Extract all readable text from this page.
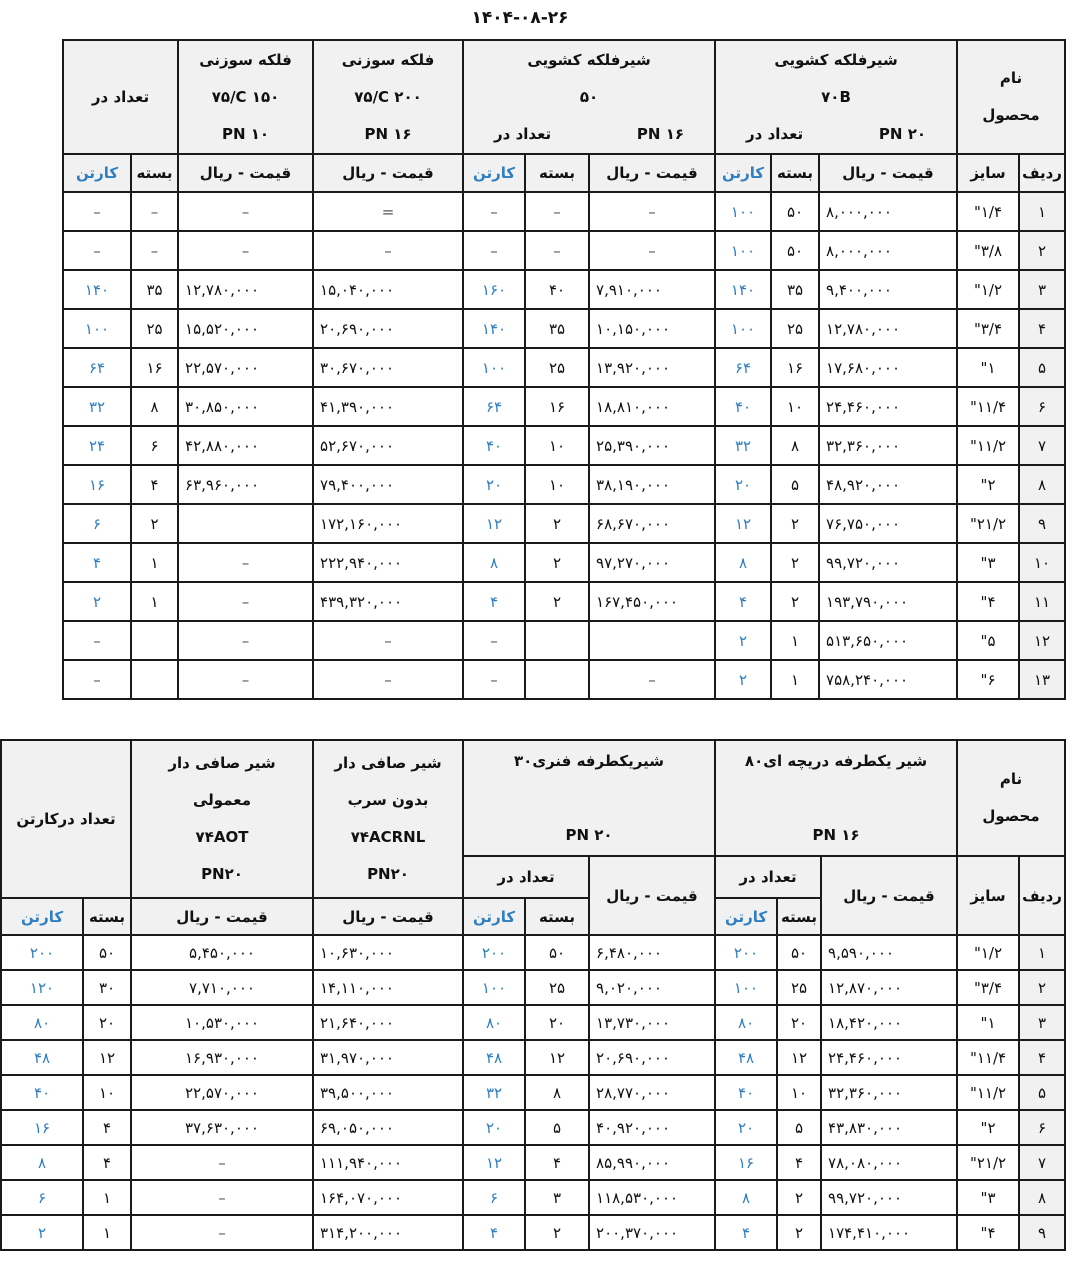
۱۴۰۴-۰۸-۲۶
نام
محصول		شیرفلکه کشویی
۷۰B
PN ۲۰
تعداد در			شیرفلکه کشویی
۵۰
PN ۱۶
تعداد در			فلکه سوزنی
۷۵/C ۲۰۰
PN ۱۶	فلکه سوزنی
۷۵/C ۱۵۰
PN ۱۰	تعداد در	
ردیف	سایز	قیمت - ریال	بسته	کارتن	قیمت - ریال	بسته	کارتن	قیمت - ریال	قیمت - ریال	بسته	کارتن
۱	۱/۴"	۸,۰۰۰,۰۰۰	۵۰	۱۰۰	–	–	–	=	–	–	–
۲	۳/۸"	۸,۰۰۰,۰۰۰	۵۰	۱۰۰	–	–	–	–	–	–	–
۳	۱/۲"	۹,۴۰۰,۰۰۰	۳۵	۱۴۰	۷,۹۱۰,۰۰۰	۴۰	۱۶۰	۱۵,۰۴۰,۰۰۰	۱۲,۷۸۰,۰۰۰	۳۵	۱۴۰
۴	۳/۴"	۱۲,۷۸۰,۰۰۰	۲۵	۱۰۰	۱۰,۱۵۰,۰۰۰	۳۵	۱۴۰	۲۰,۶۹۰,۰۰۰	۱۵,۵۲۰,۰۰۰	۲۵	۱۰۰
۵	۱"	۱۷,۶۸۰,۰۰۰	۱۶	۶۴	۱۳,۹۲۰,۰۰۰	۲۵	۱۰۰	۳۰,۶۷۰,۰۰۰	۲۲,۵۷۰,۰۰۰	۱۶	۶۴
۶	۱۱/۴"	۲۴,۴۶۰,۰۰۰	۱۰	۴۰	۱۸,۸۱۰,۰۰۰	۱۶	۶۴	۴۱,۳۹۰,۰۰۰	۳۰,۸۵۰,۰۰۰	۸	۳۲
۷	۱۱/۲"	۳۲,۳۶۰,۰۰۰	۸	۳۲	۲۵,۳۹۰,۰۰۰	۱۰	۴۰	۵۲,۶۷۰,۰۰۰	۴۲,۸۸۰,۰۰۰	۶	۲۴
۸	۲"	۴۸,۹۲۰,۰۰۰	۵	۲۰	۳۸,۱۹۰,۰۰۰	۱۰	۲۰	۷۹,۴۰۰,۰۰۰	۶۳,۹۶۰,۰۰۰	۴	۱۶
۹	۲۱/۲"	۷۶,۷۵۰,۰۰۰	۲	۱۲	۶۸,۶۷۰,۰۰۰	۲	۱۲	۱۷۲,۱۶۰,۰۰۰		۲	۶
۱۰	۳"	۹۹,۷۲۰,۰۰۰	۲	۸	۹۷,۲۷۰,۰۰۰	۲	۸	۲۲۲,۹۴۰,۰۰۰	–	۱	۴
۱۱	۴"	۱۹۳,۷۹۰,۰۰۰	۲	۴	۱۶۷,۴۵۰,۰۰۰	۲	۴	۴۳۹,۳۲۰,۰۰۰	–	۱	۲
۱۲	۵"	۵۱۳,۶۵۰,۰۰۰	۱	۲			–	–	–		–
۱۳	۶"	۷۵۸,۲۴۰,۰۰۰	۱	۲	–		–	–	–		–
نام
محصول		شیر یکطرفه دریچه ای۸۰
PN ۱۶			شیریکطرفه فنری۳۰
PN ۲۰			شیر صافی دار
بدون سرب
۷۴ACRNL
PN۲۰	شیر صافی دار
معمولی
۷۴AOT
PN۲۰	تعداد درکارتن	
ردیف	سایز	قیمت - ریال	تعداد در		قیمت - ریال	تعداد در					
			بسته	کارتن		بسته	کارتن	قیمت - ریال	قیمت - ریال	بسته	کارتن
۱	۱/۲"	۹,۵۹۰,۰۰۰	۵۰	۲۰۰	۶,۴۸۰,۰۰۰	۵۰	۲۰۰	۱۰,۶۳۰,۰۰۰	۵,۴۵۰,۰۰۰	۵۰	۲۰۰
۲	۳/۴"	۱۲,۸۷۰,۰۰۰	۲۵	۱۰۰	۹,۰۲۰,۰۰۰	۲۵	۱۰۰	۱۴,۱۱۰,۰۰۰	۷,۷۱۰,۰۰۰	۳۰	۱۲۰
۳	۱"	۱۸,۴۲۰,۰۰۰	۲۰	۸۰	۱۳,۷۳۰,۰۰۰	۲۰	۸۰	۲۱,۶۴۰,۰۰۰	۱۰,۵۳۰,۰۰۰	۲۰	۸۰
۴	۱۱/۴"	۲۴,۴۶۰,۰۰۰	۱۲	۴۸	۲۰,۶۹۰,۰۰۰	۱۲	۴۸	۳۱,۹۷۰,۰۰۰	۱۶,۹۳۰,۰۰۰	۱۲	۴۸
۵	۱۱/۲"	۳۲,۳۶۰,۰۰۰	۱۰	۴۰	۲۸,۷۷۰,۰۰۰	۸	۳۲	۳۹,۵۰۰,۰۰۰	۲۲,۵۷۰,۰۰۰	۱۰	۴۰
۶	۲"	۴۳,۸۳۰,۰۰۰	۵	۲۰	۴۰,۹۲۰,۰۰۰	۵	۲۰	۶۹,۰۵۰,۰۰۰	۳۷,۶۳۰,۰۰۰	۴	۱۶
۷	۲۱/۲"	۷۸,۰۸۰,۰۰۰	۴	۱۶	۸۵,۹۹۰,۰۰۰	۴	۱۲	۱۱۱,۹۴۰,۰۰۰	–	۴	۸
۸	۳"	۹۹,۷۲۰,۰۰۰	۲	۸	۱۱۸,۵۳۰,۰۰۰	۳	۶	۱۶۴,۰۷۰,۰۰۰	–	۱	۶
۹	۴"	۱۷۴,۴۱۰,۰۰۰	۲	۴	۲۰۰,۳۷۰,۰۰۰	۲	۴	۳۱۴,۲۰۰,۰۰۰	–	۱	۲
